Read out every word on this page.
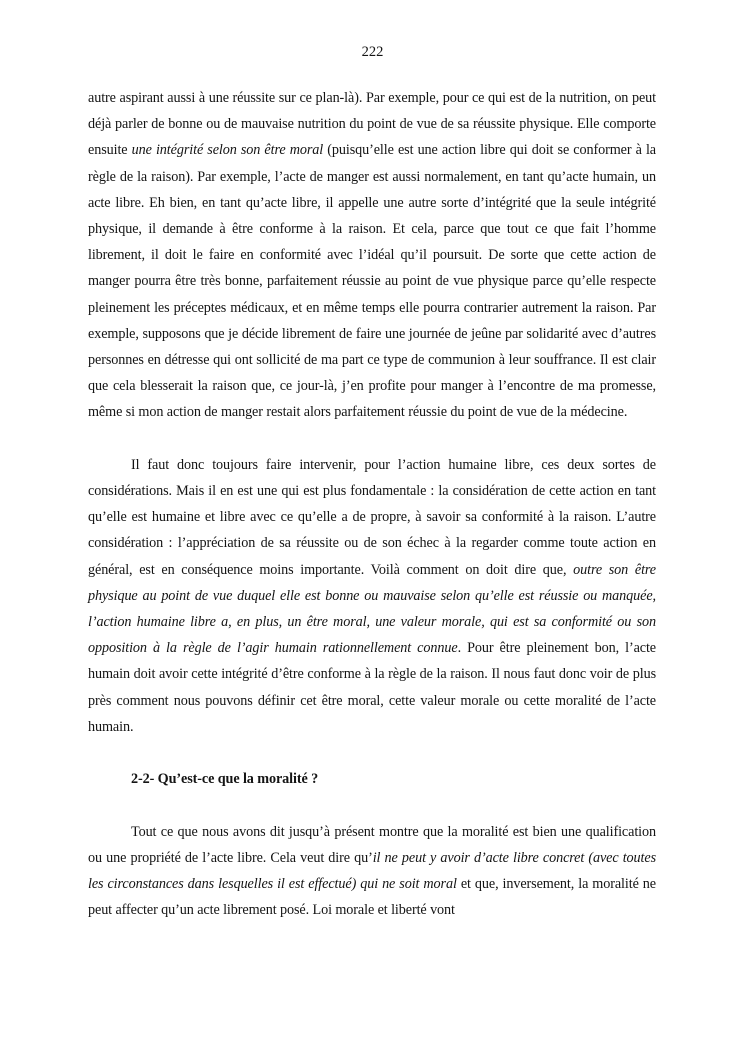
222

autre aspirant aussi à une réussite sur ce plan-là). Par exemple, pour ce qui est de la nutrition, on peut déjà parler de bonne ou de mauvaise nutrition du point de vue de sa réussite physique. Elle comporte ensuite une intégrité selon son être moral (puisqu’elle est une action libre qui doit se conformer à la règle de la raison). Par exemple, l’acte de manger est aussi normalement, en tant qu’acte humain, un acte libre. Eh bien, en tant qu’acte libre, il appelle une autre sorte d’intégrité que la seule intégrité physique, il demande à être conforme à la raison. Et cela, parce que tout ce que fait l’homme librement, il doit le faire en conformité avec l’idéal qu’il poursuit. De sorte que cette action de manger pourra être très bonne, parfaitement réussie au point de vue physique parce qu’elle respecte pleinement les préceptes médicaux, et en même temps elle pourra contrarier autrement la raison. Par exemple, supposons que je décide librement de faire une journée de jeûne par solidarité avec d’autres personnes en détresse qui ont sollicité de ma part ce type de communion à leur souffrance. Il est clair que cela blesserait la raison que, ce jour-là, j’en profite pour manger à l’encontre de ma promesse, même si mon action de manger restait alors parfaitement réussie du point de vue de la médecine.

Il faut donc toujours faire intervenir, pour l’action humaine libre, ces deux sortes de considérations. Mais il en est une qui est plus fondamentale : la considération de cette action en tant qu’elle est humaine et libre avec ce qu’elle a de propre, à savoir sa conformité à la raison. L’autre considération : l’appréciation de sa réussite ou de son échec à la regarder comme toute action en général, est en conséquence moins importante. Voilà comment on doit dire que, outre son être physique au point de vue duquel elle est bonne ou mauvaise selon qu’elle est réussie ou manquée, l’action humaine libre a, en plus, un être moral, une valeur morale, qui est sa conformité ou son opposition à la règle de l’agir humain rationnellement connue. Pour être pleinement bon, l’acte humain doit avoir cette intégrité d’être conforme à la règle de la raison. Il nous faut donc voir de plus près comment nous pouvons définir cet être moral, cette valeur morale ou cette moralité de l’acte humain.

2-2- Qu’est-ce que la moralité ?

Tout ce que nous avons dit jusqu’à présent montre que la moralité est bien une qualification ou une propriété de l’acte libre. Cela veut dire qu’il ne peut y avoir d’acte libre concret (avec toutes les circonstances dans lesquelles il est effectué) qui ne soit moral et que, inversement, la moralité ne peut affecter qu’un acte librement posé. Loi morale et liberté vont
